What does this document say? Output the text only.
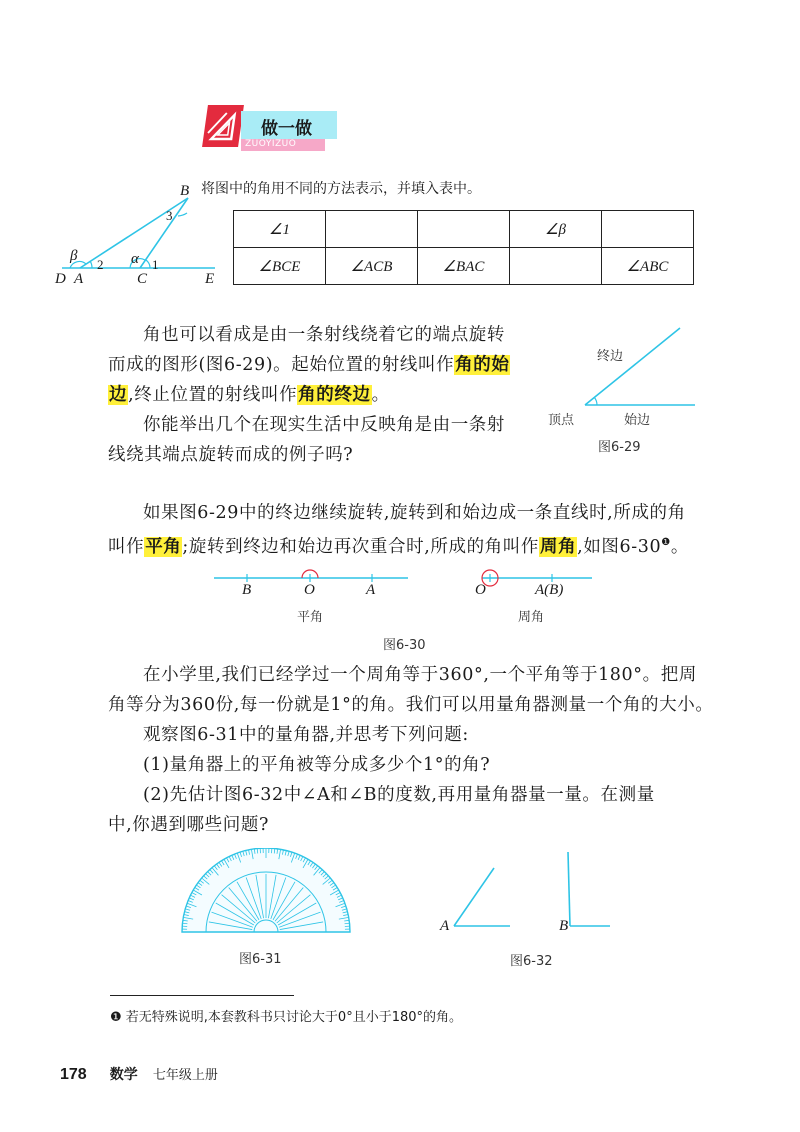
做一做
ZUOYIZUO
B
3
β
2 α 1
D A	C	E
将图中的角用不同的方法表示，并填入表中。
∠1			∠β	
∠BCE	∠ACB	∠BAC		∠ABC
角也可以看成是由一条射线绕着它的端点旋转
而成的图形(图6-29)。起始位置的射线叫作角的始
边,终止位置的射线叫作角的终边。
你能举出几个在现实生活中反映角是由一条射
线绕其端点旋转而成的例子吗?
终边
顶点	始边
图6-29
如果图6-29中的终边继续旋转,旋转到和始边成一条直线时,所成的角
叫作平角;旋转到终边和始边再次重合时,所成的角叫作周角,如图$6-30^❶$。
B	O	A
平角
O	A(B)
周角
图6-30
在小学里,我们已经学过一个周角等于360°,一个平角等于180°。把周
角等分为360份,每一份就是1°的角。我们可以用量角器测量一个角的大小。
观察图6-31中的量角器,并思考下列问题:
(1)量角器上的平角被等分成多少个1°的角?
(2)先估计图6-32中∠A和∠B的度数,再用量角器量一量。在测量
中,你遇到哪些问题?
图6-31
A	B
图6-32
❶ 若无特殊说明,本套教科书只讨论大于0°且小于180°的角。
178 数学 七年级上册
